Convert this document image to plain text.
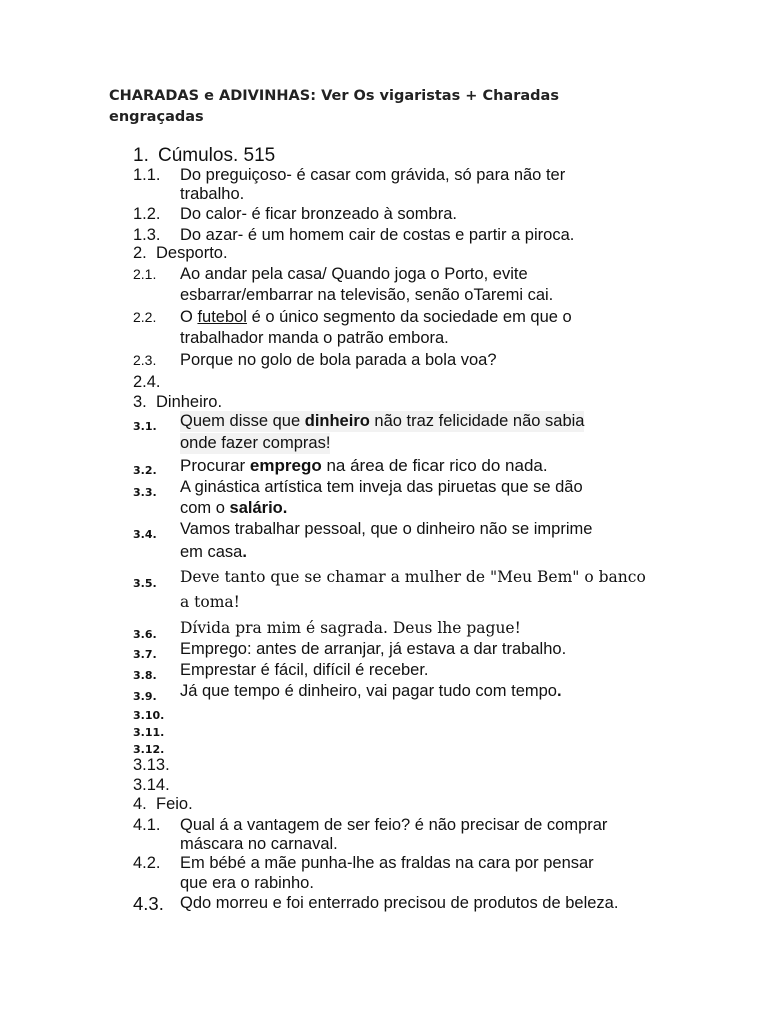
CHARADAS e ADIVINHAS: Ver Os vigaristas + Charadas engraçadas
1. Cúmulos. 515
1.1. Do preguiçoso- é casar com grávida, só para não ter
trabalho.
1.2. Do calor- é ficar bronzeado à sombra.
1.3. Do azar- é um homem cair de costas e partir a piroca.
2. Desporto.
2.1. Ao andar pela casa/ Quando joga o Porto, evite
esbarrar/embarrar na televisão, senão oTaremi cai.
2.2. O futebol é o único segmento da sociedade em que o
trabalhador manda o patrão embora.
2.3. Porque no golo de bola parada a bola voa?
2.4.
3. Dinheiro.
3.1. Quem disse que dinheiro não traz felicidade não sabia
onde fazer compras!
3.2. Procurar emprego na área de ficar rico do nada.
3.3. A ginástica artística tem inveja das piruetas que se dão
com o salário.
3.4. Vamos trabalhar pessoal, que o dinheiro não se imprime
em casa.
3.5. Deve tanto que se chamar a mulher de "Meu Bem" o banco
a toma!
3.6. Dívida pra mim é sagrada. Deus lhe pague!
3.7. Emprego: antes de arranjar, já estava a dar trabalho.
3.8. Emprestar é fácil, difícil é receber.
3.9. Já que tempo é dinheiro, vai pagar tudo com tempo.
3.10.
3.11.
3.12.
3.13.
3.14.
4. Feio.
4.1. Qual á a vantagem de ser feio? é não precisar de comprar
máscara no carnaval.
4.2. Em bébé a mãe punha-lhe as fraldas na cara por pensar
que era o rabinho.
4.3. Qdo morreu e foi enterrado precisou de produtos de beleza.
